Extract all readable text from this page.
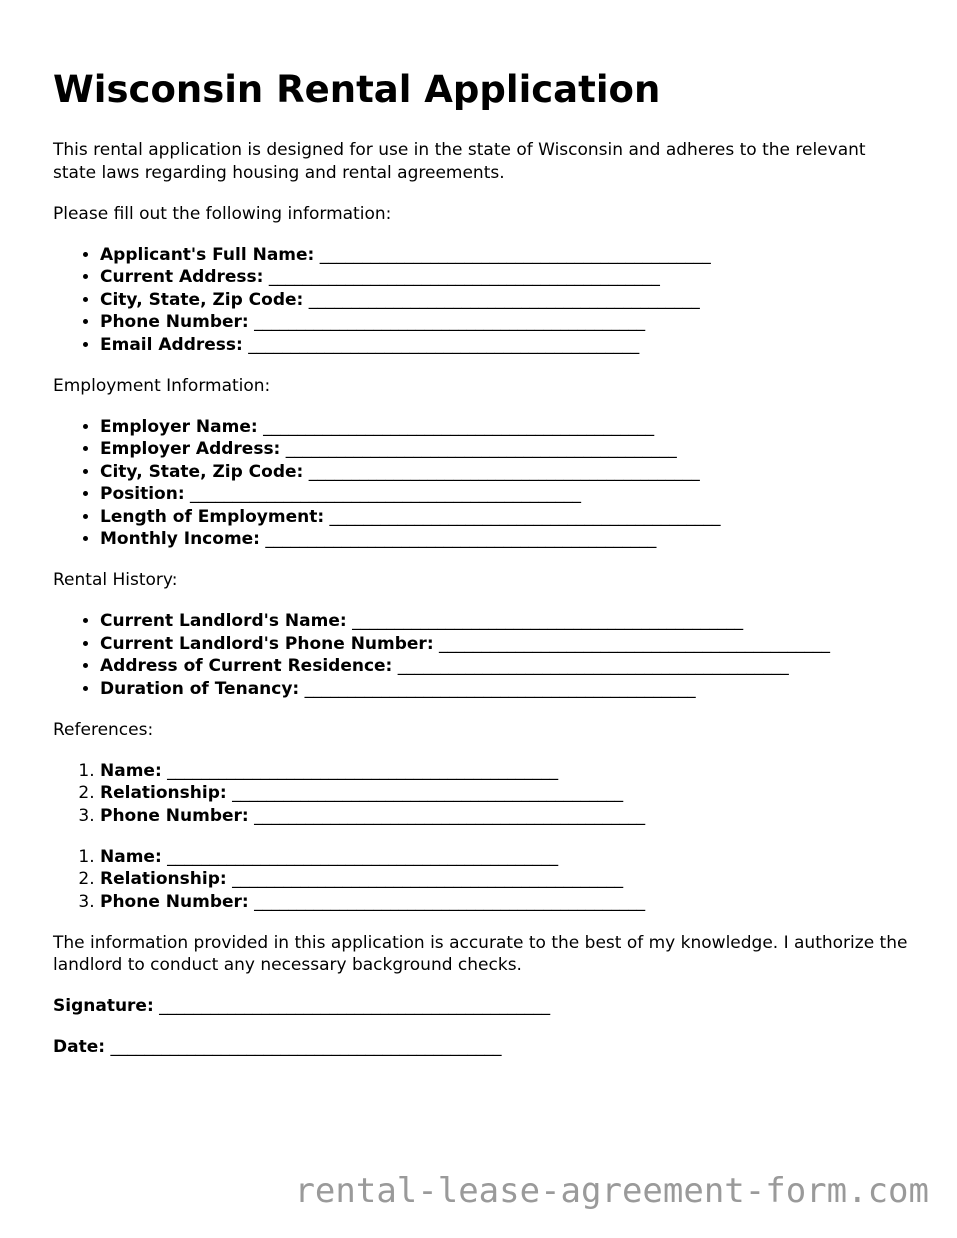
Wisconsin Rental Application

This rental application is designed for use in the state of Wisconsin and adheres to the relevant state laws regarding housing and rental agreements.

Please fill out the following information:

• Applicant's Full Name: ______________________________________________
• Current Address: ______________________________________________
• City, State, Zip Code: ______________________________________________
• Phone Number: ______________________________________________
• Email Address: ______________________________________________

Employment Information:

• Employer Name: ______________________________________________
• Employer Address: ______________________________________________
• City, State, Zip Code: ______________________________________________
• Position: ______________________________________________
• Length of Employment: ______________________________________________
• Monthly Income: ______________________________________________

Rental History:

• Current Landlord's Name: ______________________________________________
• Current Landlord's Phone Number: ______________________________________________
• Address of Current Residence: ______________________________________________
• Duration of Tenancy: ______________________________________________

References:

1. Name: ______________________________________________
2. Relationship: ______________________________________________
3. Phone Number: ______________________________________________
1. Name: ______________________________________________
2. Relationship: ______________________________________________
3. Phone Number: ______________________________________________

The information provided in this application is accurate to the best of my knowledge. I authorize the landlord to conduct any necessary background checks.

Signature: ______________________________________________

Date: ______________________________________________

rental-lease-agreement-form.com
